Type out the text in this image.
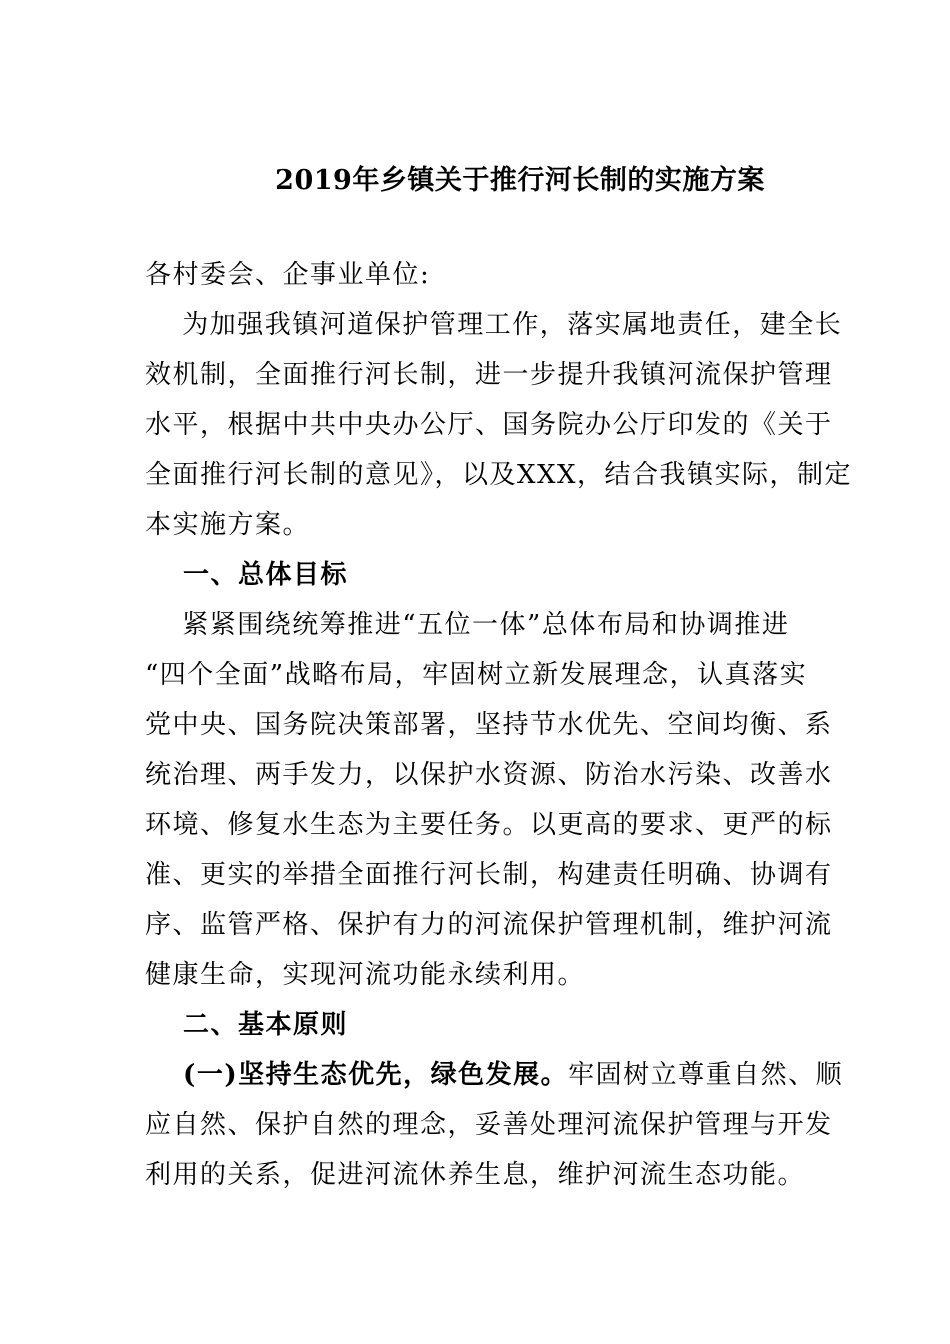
2019年乡镇关于推行河长制的实施方案
各村委会、企事业单位:
　 为加强我镇河道保护管理工作，落实属地责任，建全长
效机制，全面推行河长制，进一步提升我镇河流保护管理
水平，根据中共中央办公厅、国务院办公厅印发的《关于
全面推行河长制的意见》，以及XXX，结合我镇实际，制定
本实施方案。
　 一、总体目标
　 紧紧围绕统筹推进“五位一体”总体布局和协调推进
“四个全面”战略布局，牢固树立新发展理念，认真落实
党中央、国务院决策部署，坚持节水优先、空间均衡、系
统治理、两手发力，以保护水资源、防治水污染、改善水
环境、修复水生态为主要任务。以更高的要求、更严的标
准、更实的举措全面推行河长制，构建责任明确、协调有
序、监管严格、保护有力的河流保护管理机制，维护河流
健康生命，实现河流功能永续利用。
　 二、基本原则
　 (一)坚持生态优先，绿色发展。牢固树立尊重自然、顺
应自然、保护自然的理念，妥善处理河流保护管理与开发
利用的关系，促进河流休养生息，维护河流生态功能。
